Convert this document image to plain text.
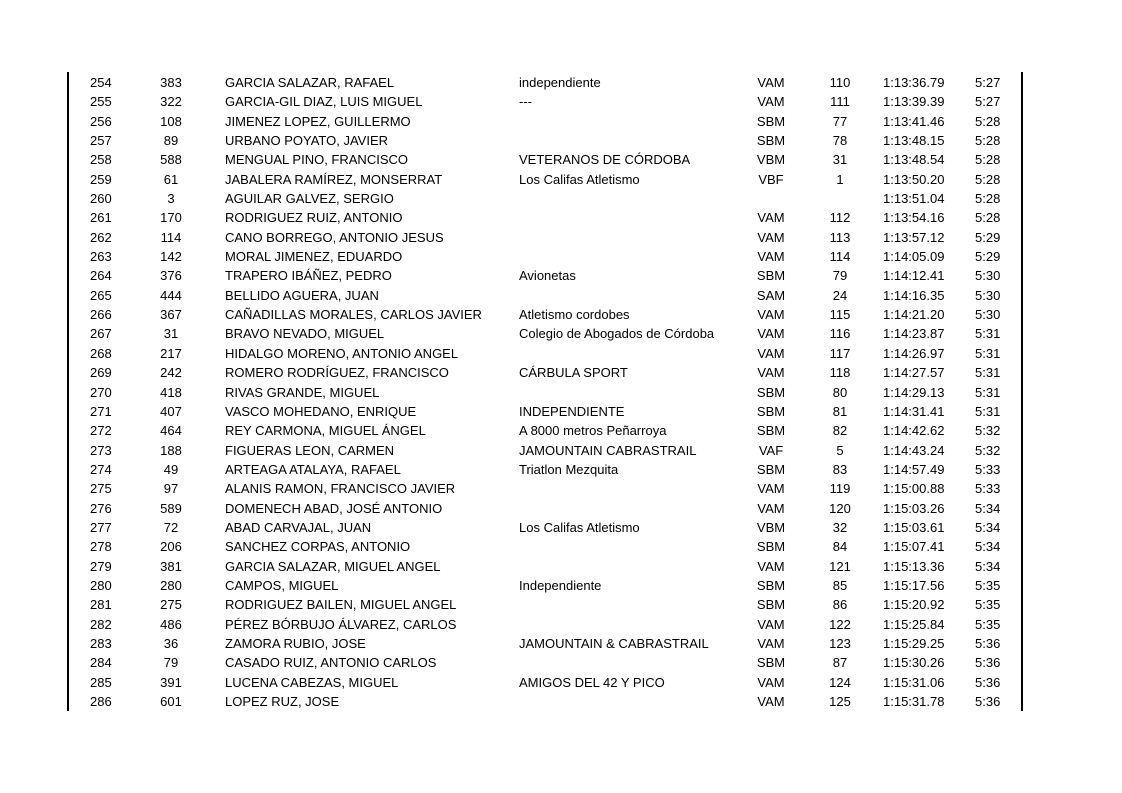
254	383	GARCIA SALAZAR, RAFAEL	independiente	VAM	110	1:13:36.79 5:27
255	322	GARCIA-GIL DIAZ, LUIS MIGUEL	---	VAM	111	1:13:39.39 5:27
256	108	JIMENEZ LOPEZ, GUILLERMO	SBM	77	1:13:41.46 5:28
257	89	URBANO POYATO, JAVIER	SBM	78	1:13:48.15 5:28
258	588	MENGUAL PINO, FRANCISCO	VETERANOS DE CÓRDOBA	VBM	31	1:13:48.54 5:28
259	61	JABALERA RAMÍREZ, MONSERRAT	Los Califas Atletismo	VBF	1	1:13:50.20 5:28
260	3	AGUILAR GALVEZ, SERGIO	1:13:51.04 5:28
261	170	RODRIGUEZ RUIZ, ANTONIO	VAM	112	1:13:54.16 5:28
262	114	CANO BORREGO, ANTONIO JESUS	VAM	113	1:13:57.12 5:29
263	142	MORAL JIMENEZ, EDUARDO	VAM	114	1:14:05.09 5:29
264	376	TRAPERO IBÁÑEZ, PEDRO	Avionetas	SBM	79	1:14:12.41 5:30
265	444	BELLIDO AGUERA, JUAN	SAM	24	1:14:16.35 5:30
266	367	CAÑADILLAS MORALES, CARLOS JAVIER	Atletismo cordobes	VAM	115	1:14:21.20 5:30
267	31	BRAVO NEVADO, MIGUEL	Colegio de Abogados de Córdoba	VAM	116	1:14:23.87 5:31
268	217	HIDALGO MORENO, ANTONIO ANGEL	VAM	117	1:14:26.97 5:31
269	242	ROMERO RODRÍGUEZ, FRANCISCO	CÁRBULA SPORT	VAM	118	1:14:27.57 5:31
270	418	RIVAS GRANDE, MIGUEL	SBM	80	1:14:29.13 5:31
271	407	VASCO MOHEDANO, ENRIQUE	INDEPENDIENTE	SBM	81	1:14:31.41 5:31
272	464	REY CARMONA, MIGUEL ÁNGEL	A 8000 metros Peñarroya	SBM	82	1:14:42.62 5:32
273	188	FIGUERAS LEON, CARMEN	JAMOUNTAIN CABRASTRAIL	VAF	5	1:14:43.24 5:32
274	49	ARTEAGA ATALAYA, RAFAEL	Triatlon Mezquita	SBM	83	1:14:57.49 5:33
275	97	ALANIS RAMON, FRANCISCO JAVIER	VAM	119	1:15:00.88 5:33
276	589	DOMENECH ABAD, JOSÉ ANTONIO	VAM	120	1:15:03.26 5:34
277	72	ABAD CARVAJAL, JUAN	Los Califas Atletismo	VBM	32	1:15:03.61 5:34
278	206	SANCHEZ CORPAS, ANTONIO	SBM	84	1:15:07.41 5:34
279	381	GARCIA SALAZAR, MIGUEL ANGEL	VAM	121	1:15:13.36 5:34
280	280	CAMPOS, MIGUEL	Independiente	SBM	85	1:15:17.56 5:35
281	275	RODRIGUEZ BAILEN, MIGUEL ANGEL	SBM	86	1:15:20.92 5:35
282	486	PÉREZ BÓRBUJO ÁLVAREZ, CARLOS	VAM	122	1:15:25.84 5:35
283	36	ZAMORA RUBIO, JOSE	JAMOUNTAIN & CABRASTRAIL	VAM	123	1:15:29.25 5:36
284	79	CASADO RUIZ, ANTONIO CARLOS	SBM	87	1:15:30.26 5:36
285	391	LUCENA CABEZAS, MIGUEL	AMIGOS DEL 42 Y PICO	VAM	124	1:15:31.06 5:36
286	601	LOPEZ RUZ, JOSE	VAM	125	1:15:31.78 5:36
